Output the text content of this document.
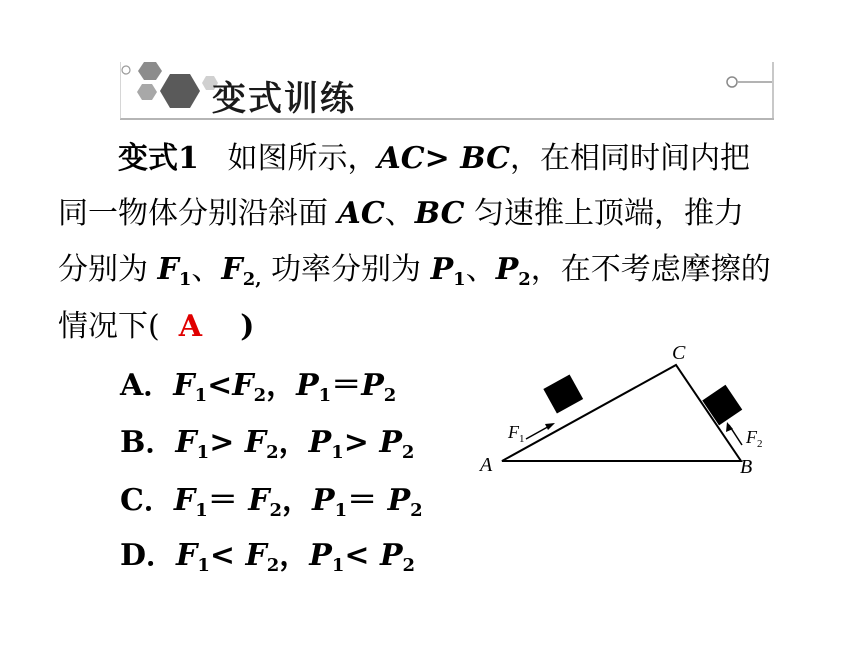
变式训练
变式1 如图所示，AC> BC，在相同时间内把
同一物体分别沿斜面 AC、BC 匀速推上顶端，推力
分别为 $F_1$、$F_{2,}$ 功率分别为 $P_1$、$P_2$，在不考虑摩擦的
情况下( A )
A．$F_1<F_2$，$P_1=P_2$
B．$F_1> F_2$，$P_1> P_2$
C．$F_1= F_2$，$P_1= P_2$
D．$F_1< F_2$，$P_1< P_2$
A	B
C
$F_1$	$F_2$
